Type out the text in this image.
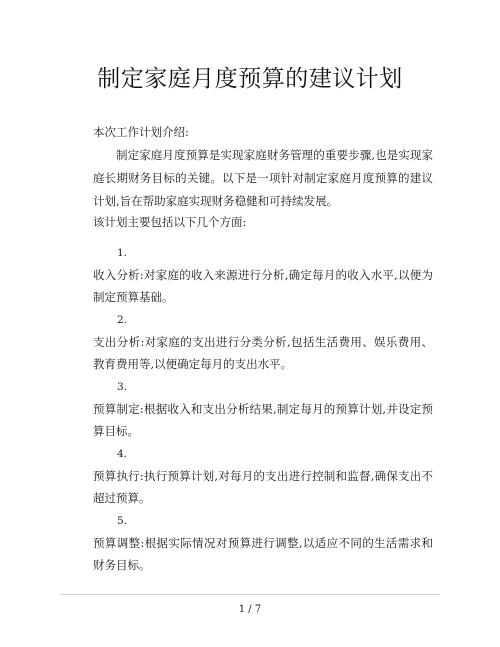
制定家庭月度预算的建议计划
本次工作计划介绍:
制定家庭月度预算是实现家庭财务管理的重要步骤,也是实现家庭长期财务目标的关键。以下是一项针对制定家庭月度预算的建议计划,旨在帮助家庭实现财务稳健和可持续发展。
该计划主要包括以下几个方面:
1.
收入分析:对家庭的收入来源进行分析,确定每月的收入水平,以便为制定预算基础。
2.
支出分析:对家庭的支出进行分类分析,包括生活费用、娱乐费用、教育费用等,以便确定每月的支出水平。
3.
预算制定:根据收入和支出分析结果,制定每月的预算计划,并设定预算目标。
4.
预算执行:执行预算计划,对每月的支出进行控制和监督,确保支出不超过预算。
5.
预算调整:根据实际情况对预算进行调整,以适应不同的生活需求和财务目标。
1 / 7
